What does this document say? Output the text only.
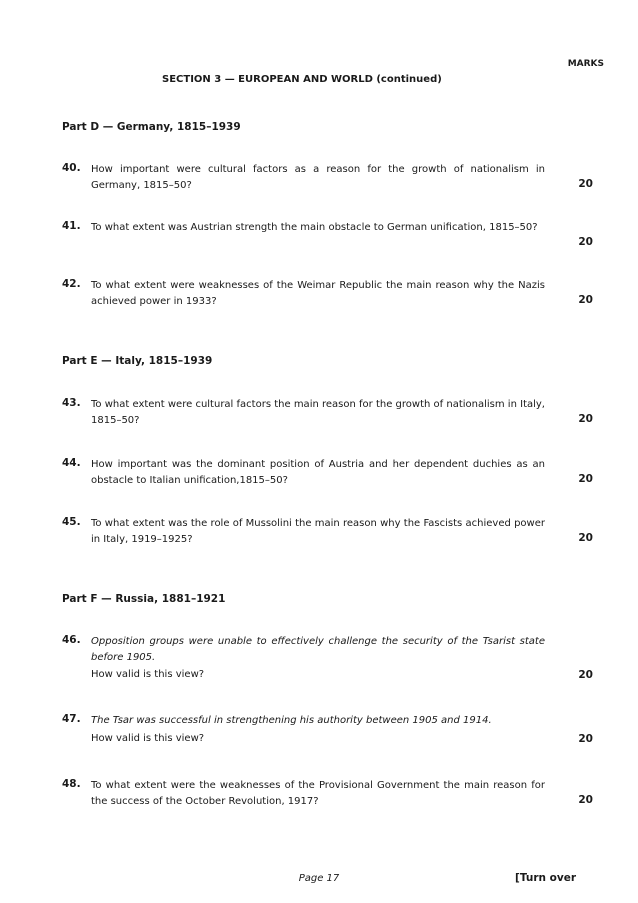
MARKS
SECTION 3 — EUROPEAN AND WORLD (continued)
Part D — Germany, 1815–1939
40. How important were cultural factors as a reason for the growth of nationalism in Germany, 1815–50?	20
41. To what extent was Austrian strength the main obstacle to German unification, 1815–50?
20
42. To what extent were weaknesses of the Weimar Republic the main reason why the Nazis achieved power in 1933?	20
Part E — Italy, 1815–1939
43. To what extent were cultural factors the main reason for the growth of nationalism in Italy, 1815–50?	20
44. How important was the dominant position of Austria and her dependent duchies as an obstacle to Italian unification,1815–50?	20
45. To what extent was the role of Mussolini the main reason why the Fascists achieved power in Italy, 1919–1925?	20
Part F — Russia, 1881–1921
46. Opposition groups were unable to effectively challenge the security of the Tsarist state before 1905.
How valid is this view?	20
47. The Tsar was successful in strengthening his authority between 1905 and 1914.
How valid is this view?	20
48. To what extent were the weaknesses of the Provisional Government the main reason for the success of the October Revolution, 1917?	20
Page 17	[Turn over
